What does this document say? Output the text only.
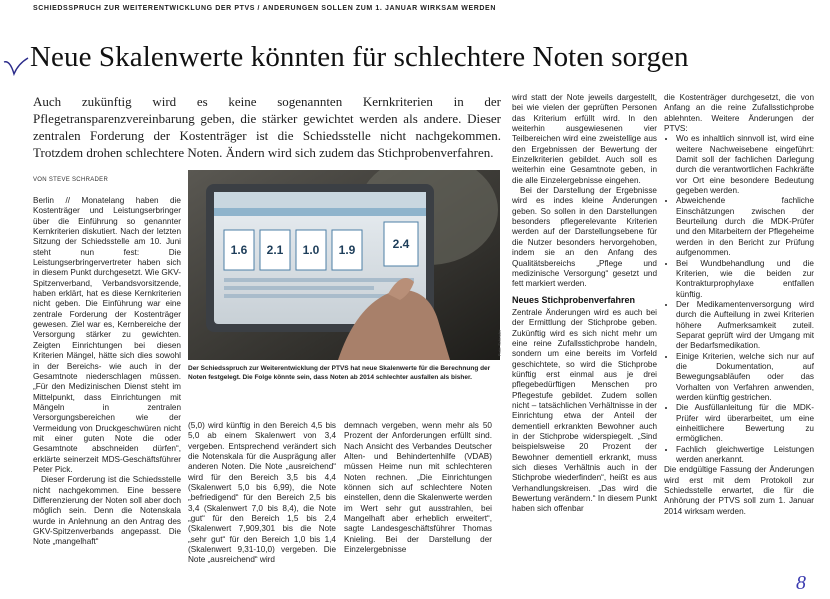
SCHIEDSSPRUCH ZUR WEITERENTWICKLUNG DER PTVS / ÄNDERUNGEN SOLLEN ZUM 1. JANUAR WIRKSAM WERDEN
Neue Skalenwerte könnten für schlechtere Noten sorgen
Auch zukünftig wird es keine sogenannten Kernkriterien in der Pflegetransparenzvereinbarung geben, die stärker gewichtet werden als andere. Dieser zentralen Forderung der Kostenträger ist die Schiedsstelle nicht nachgekommen. Trotzdem drohen schlechtere Noten. Ändern wird sich zudem das Stichprobenverfahren.
VON STEVE SCHRADER

Berlin // Monatelang haben die Kostenträger und Leistungserbringer über die Einführung so genannter Kernkriterien diskutiert. Nach der letzten Sitzung der Schiedsstelle am 10. Juni steht nun fest: Die Leistungserbringervertreter haben sich in diesem Punkt durchgesetzt. Wie GKV-Spitzenverband, Verbandsvorsitzende, haben erklärt, hat es diese Kernkriterien nicht geben. Die Einführung war eine zentrale Forderung der Kostenträger gewesen. Ziel war es, Kernbereiche der Versorgung stärker zu gewichten. Zeigten Einrichtungen bei diesen Kriterien Mängel, hätte sich dies sowohl in der Bereichs- wie auch in der Gesamtnote niederschlagen müssen. „Für den Medizinischen Dienst steht im Mittelpunkt, dass Einrichtungen mit Mängeln in zentralen Versorgungsbereichen wie der Vermeidung von Druckgeschwüren nicht mit einer guten Note die oder Gesamtnote abschneiden dürfen“, erklärte seinerzeit MDS-Geschäftsführer Peter Pick.

Dieser Forderung ist die Schiedsstelle nicht nachgekommen. Eine bessere Differenzierung der Noten soll aber doch möglich sein. Denn die Notenskala wurde in Anlehnung an den Antrag des GKV-Spitzenverbands angepasst. Die Note „mangelhaft“

1.6 2.1 1.0 1.9	2.4
Der Schiedsspruch zur Weiterentwicklung der PTVS hat neue Skalenwerte für die Berechnung der Noten festgelegt. Die Folge könnte sein, dass Noten ab 2014 schlechter ausfallen als bisher.
Foto: Schrader

(5,0) wird künftig in den Bereich 4,5 bis 5,0 ab einem Skalenwert von 3,4 vergeben. Entsprechend verändert sich die Notenskala für die Ausprägung aller anderen Noten. Die Note „ausreichend“ wird für den Bereich 3,5 bis 4,4 (Skalenwert 5,0 bis 6,99), die Note „befriedigend“ für den Bereich 2,5 bis 3,4 (Skalenwert 7,0 bis 8,4), die Note „gut“ für den Bereich 1,5 bis 2,4 (Skalenwert 7,909,301 bis die Note „sehr gut“ für den Bereich 1,0 bis 1,4 (Skalenwert 9,31-10,0) vergeben. Die Note „ausreichend“ wird

demnach vergeben, wenn mehr als 50 Prozent der Anforderungen erfüllt sind. Nach Ansicht des Verbandes Deutscher Alten- und Behindertenhilfe (VDAB) müssen Heime nun mit schlechteren Noten rechnen. „Die Einrichtungen können sich auf schlechtere Noten einstellen, denn die Skalenwerte werden im Wert sehr gut ausstrahlen, bei Mangelhaft aber erheblich erweitert“, sagte Landesgeschäftsführer Thomas Knieling. Bei der Darstellung der Einzelergebnisse

wird statt der Note jeweils dargestellt, bei wie vielen der geprüften Personen das Kriterium erfüllt wird. In den weiterhin ausgewiesenen vier Teilbereichen wird eine zweistellige aus den Ergebnissen der Bewertung der Einzelkriterien gebildet. Auch soll es weiterhin eine Gesamtnote geben, in die alle Einzelergebnisse eingehen.

Bei der Darstellung der Ergebnisse wird es indes kleine Änderungen geben. So sollen in den Darstellungen besonders pflegerelevante Kriterien werden auf der Darstellungsebene für die Nutzer besonders hervorgehoben, indem sie an den Anfang des Qualitätsbereichs „Pflege und medizinische Versorgung“ gesetzt und fett markiert werden.

Neues Stichprobenverfahren

Zentrale Änderungen wird es auch bei der Ermittlung der Stichprobe geben. Zukünftig wird es sich nicht mehr um eine reine Zufallsstichprobe handeln, sondern um eine bereits im Vorfeld geschichtete, so wird die Stichprobe künftig erst einmal aus je drei pflegebedürftigen Menschen pro Pflegestufe gebildet. Zudem sollen nicht – tatsächlichen Verhältnisse in der Einrichtung etwa der Anteil der dementiell erkrankten Bewohner auch in der Stichprobe widerspiegelt. „Sind beispielsweise 20 Prozent der Bewohner dementiell erkrankt, muss sich dieses Verhältnis auch in der Stichprobe wiederfinden“, heißt es aus Verhandlungskreisen. „Das wird die Bewertung verändern.“ In diesem Punkt haben sich offenbar

die Kostenträger durchgesetzt, die von Anfang an die reine Zufallsstichprobe ablehnten. Weitere Änderungen der PTVS:

• Wo es inhaltlich sinnvoll ist, wird eine weitere Nachweisebene eingeführt: Damit soll der fachlichen Darlegung durch die verantwortlichen Fachkräfte vor Ort eine besondere Bedeutung gegeben werden.
• Abweichende fachliche Einschätzungen zwischen der Beurteilung durch die MDK-Prüfer und den Mitarbeitern der Pflegeheime werden in den Bericht zur Prüfung aufgenommen.
• Bei Wundbehandlung und die Kriterien, wie die beiden zur Kontrakturprophylaxe entfallen künftig.
• Der Medikamentenversorgung wird durch die Aufteilung in zwei Kriterien höhere Aufmerksamkeit zuteil. Separat geprüft wird der Umgang mit der Bedarfsmedikation.
• Einige Kriterien, welche sich nur auf die Dokumentation, auf Bewegungsabläufen oder das Vorhalten von Verfahren anwenden, werden künftig gestrichen.
• Die Ausfüllanleitung für die MDK-Prüfer wird überarbeitet, um eine einheitlichere Bewertung zu ermöglichen.
• Fachlich gleichwertige Leistungen werden anerkannt.

Die endgültige Fassung der Änderungen wird erst mit dem Protokoll zur Schiedsstelle erwartet, die für die Anhörung der PTVS soll zum 1. Januar 2014 wirksam werden.

8
